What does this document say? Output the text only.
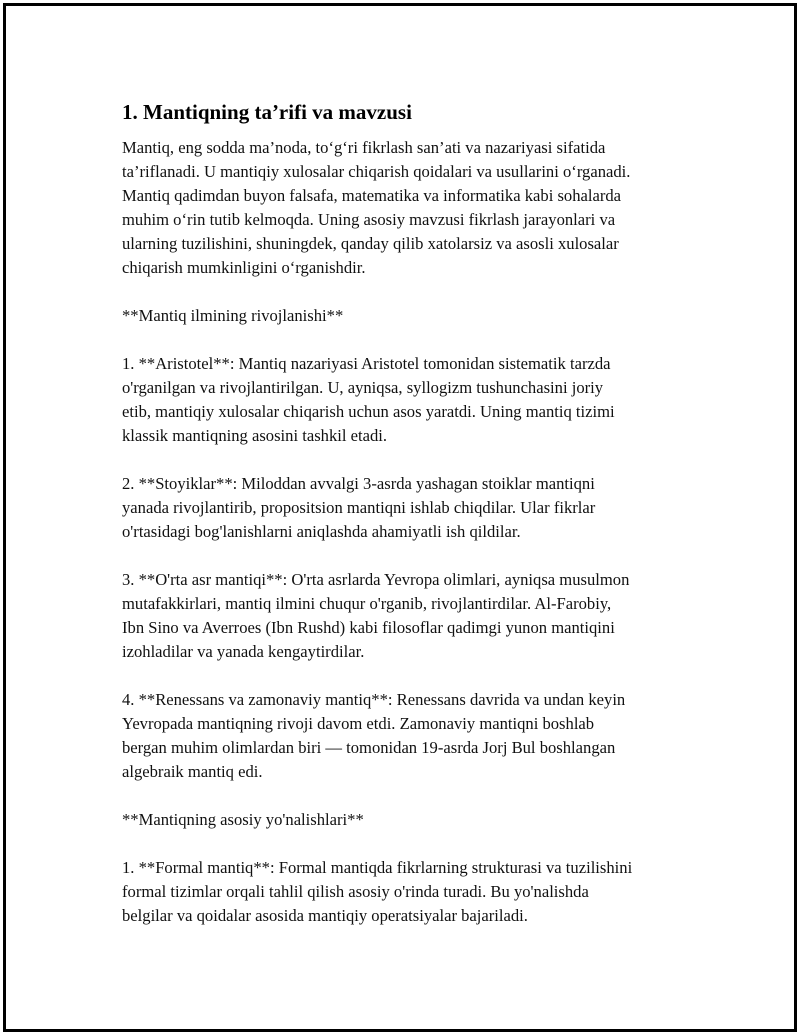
1. Mantiqning ta’rifi va mavzusi
Mantiq, eng sodda ma’noda, to‘g‘ri fikrlash san’ati va nazariyasi sifatida
ta’riflanadi. U mantiqiy xulosalar chiqarish qoidalari va usullarini o‘rganadi.
Mantiq qadimdan buyon falsafa, matematika va informatika kabi sohalarda
muhim o‘rin tutib kelmoqda. Uning asosiy mavzusi fikrlash jarayonlari va
ularning tuzilishini, shuningdek, qanday qilib xatolarsiz va asosli xulosalar
chiqarish mumkinligini o‘rganishdir.
**Mantiq ilmining rivojlanishi**
1. **Aristotel**: Mantiq nazariyasi Aristotel tomonidan sistematik tarzda
o'rganilgan va rivojlantirilgan. U, ayniqsa, syllogizm tushunchasini joriy
etib, mantiqiy xulosalar chiqarish uchun asos yaratdi. Uning mantiq tizimi
klassik mantiqning asosini tashkil etadi.
2. **Stoyiklar**: Miloddan avvalgi 3-asrda yashagan stoiklar mantiqni
yanada rivojlantirib, propositsion mantiqni ishlab chiqdilar. Ular fikrlar
o'rtasidagi bog'lanishlarni aniqlashda ahamiyatli ish qildilar.
3. **O'rta asr mantiqi**: O'rta asrlarda Yevropa olimlari, ayniqsa musulmon
mutafakkirlari, mantiq ilmini chuqur o'rganib, rivojlantirdilar. Al-Farobiy,
Ibn Sino va Averroes (Ibn Rushd) kabi filosoflar qadimgi yunon mantiqini
izohladilar va yanada kengaytirdilar.
4. **Renessans va zamonaviy mantiq**: Renessans davrida va undan keyin
Yevropada mantiqning rivoji davom etdi. Zamonaviy mantiqni boshlab
bergan muhim olimlardan biri — tomonidan 19-asrda Jorj Bul boshlangan
algebraik mantiq edi.
**Mantiqning asosiy yo'nalishlari**
1. **Formal mantiq**: Formal mantiqda fikrlarning strukturasi va tuzilishini
formal tizimlar orqali tahlil qilish asosiy o'rinda turadi. Bu yo'nalishda
belgilar va qoidalar asosida mantiqiy operatsiyalar bajariladi.
